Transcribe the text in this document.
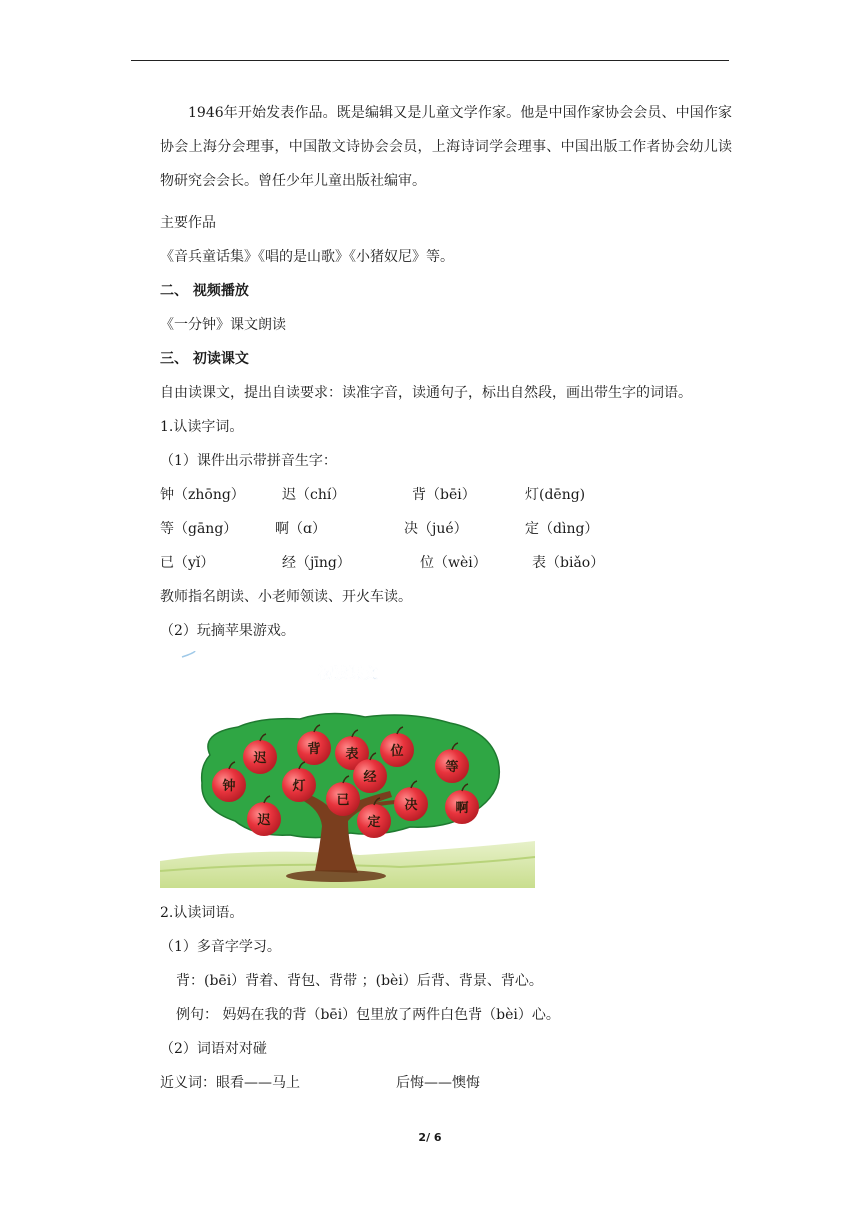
1946年开始发表作品。既是编辑又是儿童文学作家。他是中国作家协会会员、中国作家协会上海分会理事，中国散文诗协会会员，上海诗词学会理事、中国出版工作者协会幼儿读物研究会会长。曾任少年儿童出版社编审。
主要作品
《音兵童话集》《唱的是山歌》《小猪奴尼》等。
二、 视频播放
《一分钟》课文朗读
三、 初读课文
自由读课文，提出自读要求：读准字音，读通句子，标出自然段，画出带生字的词语。
1.认读字词。
（1）课件出示带拼音生字：
钟（zhōng）	迟（chí）	背（bēi）	灯(dēng)
等（gāng）	啊（ɑ）	决（jué）	定（dìng）
已（yǐ）	经（jīng）	位（wèi）	表（biǎo）
教师指名朗读、小老师领读、开火车读。
（2）玩摘苹果游戏。
初读课文
迟
背 表 位
等
钟	灯
经
已	决	啊
迟	定
2.认读词语。
（1）多音字学习。
背：(bēi）背着、背包、背带 ；(bèi）后背、背景、背心。
例句： 妈妈在我的背（bēi）包里放了两件白色背（bèi）心。
（2）词语对对碰
近义词：眼看——马上	后悔——懊悔
2/ 6
